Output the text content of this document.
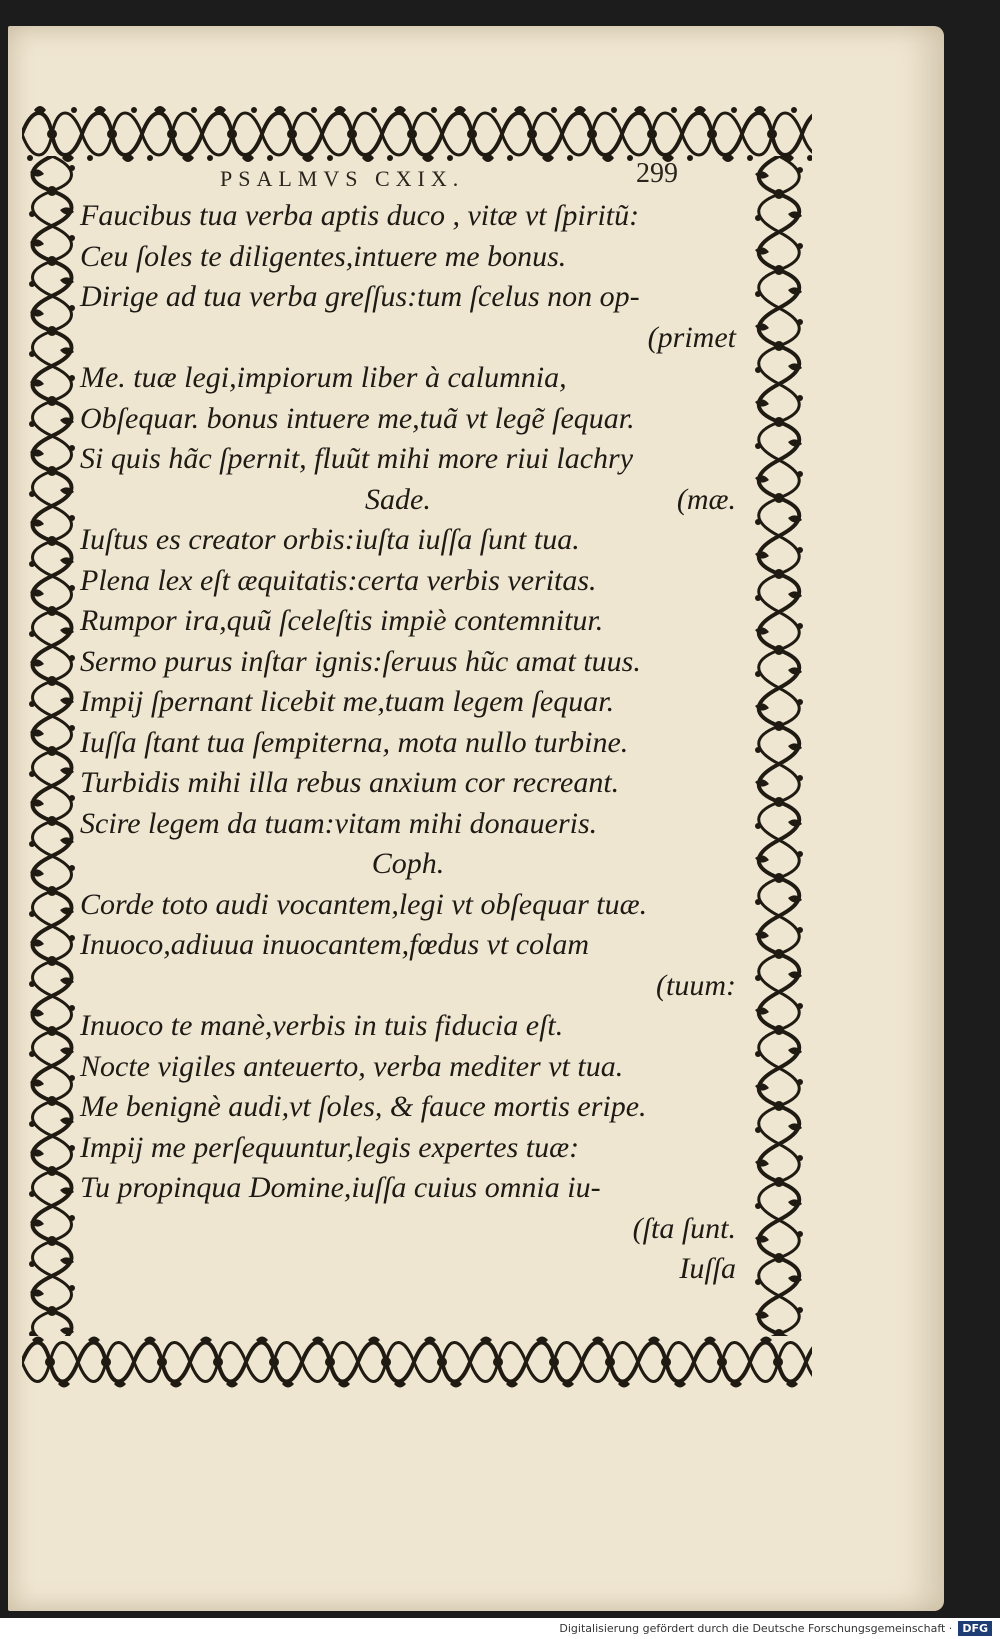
PSALMVS CXIX.	299
Faucibus tua verba aptis duco , vitæ vt ſpiritũ:
Ceu ſoles te diligentes,intuere me bonus.
Dirige ad tua verba greſſus:tum ſcelus non op-
(primet
Me. tuæ legi,impiorum liber à calumnia,
Obſequar. bonus intuere me,tuã vt legẽ ſequar.
Si quis hãc ſpernit, fluũt mihi more riui lachry
Sade.	(mæ.
Iuſtus es creator orbis:iuſta iuſſa ſunt tua.
Plena lex eſt æquitatis:certa verbis veritas.
Rumpor ira,quũ ſceleſtis impiè contemnitur.
Sermo purus inſtar ignis:ſeruus hũc amat tuus.
Impij ſpernant licebit me,tuam legem ſequar.
Iuſſa ſtant tua ſempiterna, mota nullo turbine.
Turbidis mihi illa rebus anxium cor recreant.
Scire legem da tuam:vitam mihi donaueris.
Coph.
Corde toto audi vocantem,legi vt obſequar tuæ.
Inuoco,adiuua inuocantem,fœdus vt colam
(tuum:
Inuoco te manè,verbis in tuis fiducia eſt.
Nocte vigiles anteuerto, verba mediter vt tua.
Me benignè audi,vt ſoles, & fauce mortis eripe.
Impij me perſequuntur,legis expertes tuæ:
Tu propinqua Domine,iuſſa cuius omnia iu-
(ſta ſunt.
Iuſſa
Digitalisierung gefördert durch die Deutsche Forschungsgemeinschaft · DFG
